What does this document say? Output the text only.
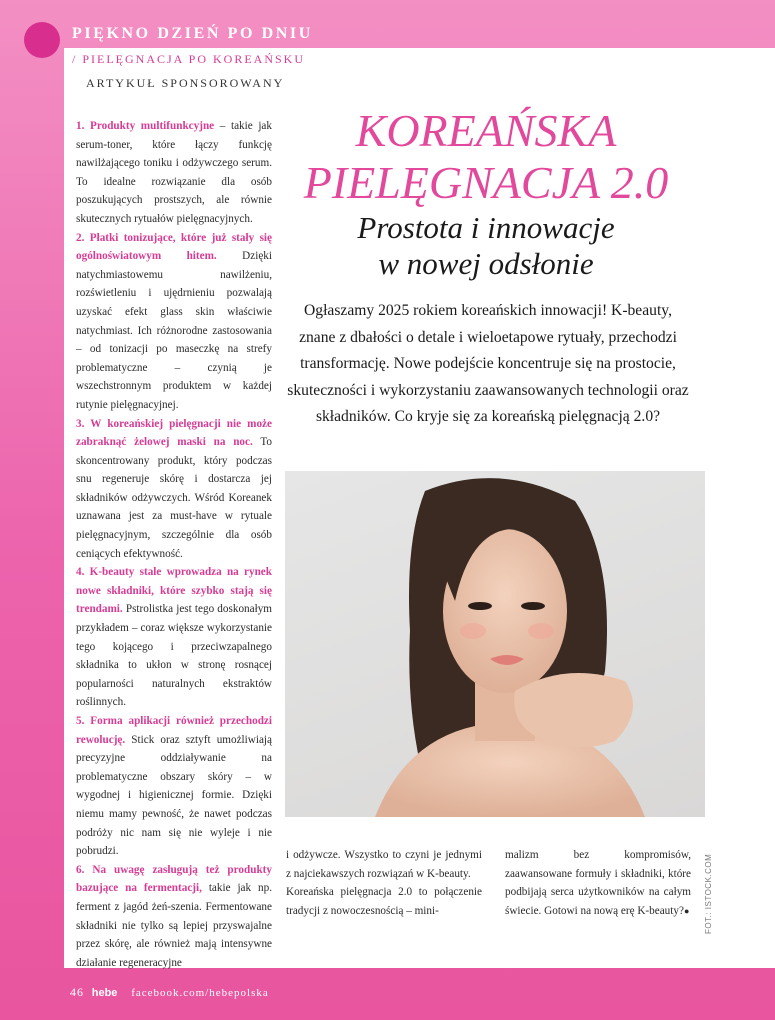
PIĘKNO DZIEŃ PO DNIU
/ PIELĘGNACJA PO KOREAŃSKU
ARTYKUŁ SPONSOROWANY

1. Produkty multifunkcyjne – takie jak serum-toner, które łączy funkcję nawilżającego toniku i odżywczego serum. To idealne rozwiązanie dla osób poszukujących prostszych, ale równie skutecznych rytuałów pielęgnacyjnych.

2. Płatki tonizujące, które już stały się ogólnoświatowym hitem. Dzięki natychmiastowemu nawilżeniu, rozświetleniu i ujędrnieniu pozwalają uzyskać efekt glass skin właściwie natychmiast. Ich różnorodne zastosowania – od tonizacji po maseczkę na strefy problematyczne – czynią je wszechstronnym produktem w każdej rutynie pielęgnacyjnej.

3. W koreańskiej pielęgnacji nie może zabraknąć żelowej maski na noc. To skoncentrowany produkt, który podczas snu regeneruje skórę i dostarcza jej składników odżywczych. Wśród Koreanek uznawana jest za must-have w rytuale pielęgnacyjnym, szczególnie dla osób ceniących efektywność.

4. K-beauty stale wprowadza na rynek nowe składniki, które szybko stają się trendami. Pstrolistka jest tego doskonałym przykładem – coraz większe wykorzystanie tego kojącego i przeciwzapalnego składnika to ukłon w stronę rosnącej popularności naturalnych ekstraktów roślinnych.

5. Forma aplikacji również przechodzi rewolucję. Stick oraz sztyft umożliwiają precyzyjne oddziaływanie na problematyczne obszary skóry – w wygodnej i higienicznej formie. Dzięki niemu mamy pewność, że nawet podczas podróży nic nam się nie wyleje i nie pobrudzi.

6. Na uwagę zasługują też produkty bazujące na fermentacji, takie jak np. ferment z jagód żeń-szenia. Fermentowane składniki nie tylko są lepiej przyswajalne przez skórę, ale również mają intensywne działanie regeneracyjne

KOREAŃSKA
PIELĘGNACJA 2.0
Prostota i innowacje
w nowej odsłonie
Ogłaszamy 2025 rokiem koreańskich innowacji! K-beauty, znane z dbałości o detale i wieloetapowe rytuały, przechodzi transformację. Nowe podejście koncentruje się na prostocie, skuteczności i wykorzystaniu zaawansowanych technologii oraz składników. Co kryje się za koreańską pielęgnacją 2.0?

i odżywcze. Wszystko to czyni je jednymi z najciekawszych rozwiązań w K-beauty.

Koreańska pielęgnacja 2.0 to połączenie tradycji z nowoczesnością – mini-

malizm bez kompromisów, zaawansowane formuły i składniki, które podbijają serca użytkowników na całym świecie. Gotowi na nową erę K-beauty?● FOT.: ISTOCK.COM
46 hebe facebook.com/hebepolska
